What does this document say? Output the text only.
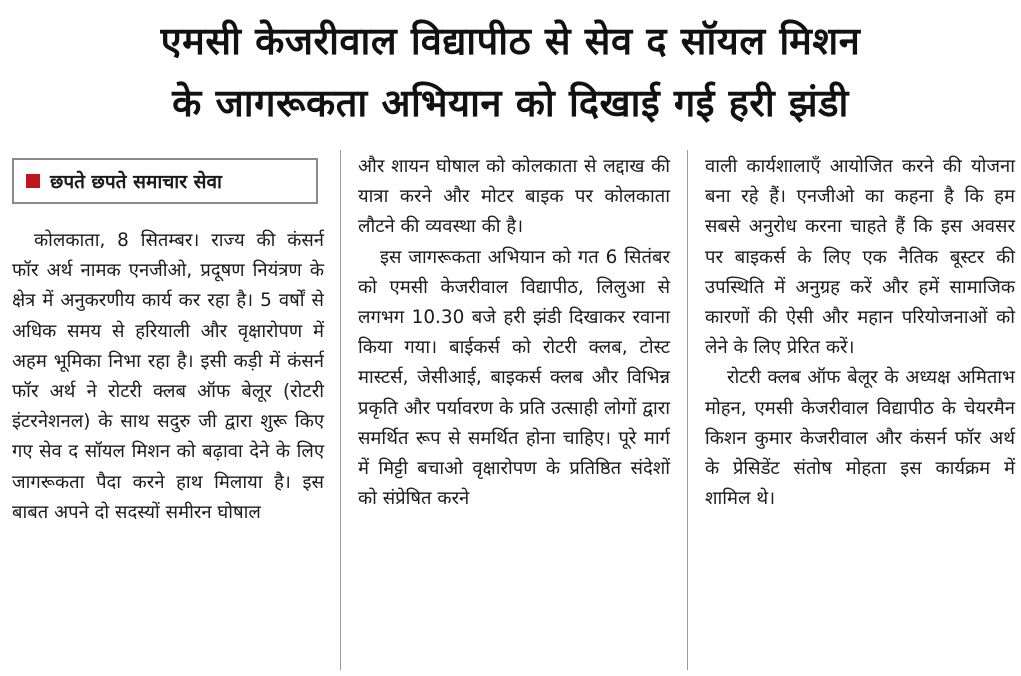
एमसी केजरीवाल विद्यापीठ से सेव द सॉयल मिशन
के जागरूकता अभियान को दिखाई गई हरी झंडी
छपते छपते समाचार सेवा

कोलकाता, 8 सितम्बर। राज्य की कंसर्न फॉर अर्थ नामक एनजीओ, प्रदूषण नियंत्रण के क्षेत्र में अनुकरणीय कार्य कर रहा है। 5 वर्षों से अधिक समय से हरियाली और वृक्षारोपण में अहम भूमिका निभा रहा है। इसी कड़ी में कंसर्न फॉर अर्थ ने रोटरी क्लब ऑफ बेलूर (रोटरी इंटरनेशनल) के साथ सदुरु जी द्वारा शुरू किए गए सेव द सॉयल मिशन को बढ़ावा देने के लिए जागरूकता पैदा करने हाथ मिलाया है। इस बाबत अपने दो सदस्यों समीरन घोषाल

और शायन घोषाल को कोलकाता से लद्दाख की यात्रा करने और मोटर बाइक पर कोलकाता लौटने की व्यवस्था की है।

इस जागरूकता अभियान को गत 6 सितंबर को एमसी केजरीवाल विद्यापीठ, लिलुआ से लगभग 10.30 बजे हरी झंडी दिखाकर रवाना किया गया। बाईकर्स को रोटरी क्लब, टोस्ट मास्टर्स, जेसीआई, बाइकर्स क्लब और विभिन्न प्रकृति और पर्यावरण के प्रति उत्साही लोगों द्वारा समर्थित रूप से समर्थित होना चाहिए। पूरे मार्ग में मिट्टी बचाओ वृक्षारोपण के प्रतिष्ठित संदेशों को संप्रेषित करने

वाली कार्यशालाएँ आयोजित करने की योजना बना रहे हैं। एनजीओ का कहना है कि हम सबसे अनुरोध करना चाहते हैं कि इस अवसर पर बाइकर्स के लिए एक नैतिक बूस्टर की उपस्थिति में अनुग्रह करें और हमें सामाजिक कारणों की ऐसी और महान परियोजनाओं को लेने के लिए प्रेरित करें।

रोटरी क्लब ऑफ बेलूर के अध्यक्ष अमिताभ मोहन, एमसी केजरीवाल विद्यापीठ के चेयरमैन किशन कुमार केजरीवाल और कंसर्न फॉर अर्थ के प्रेसिडेंट संतोष मोहता इस कार्यक्रम में शामिल थे।
